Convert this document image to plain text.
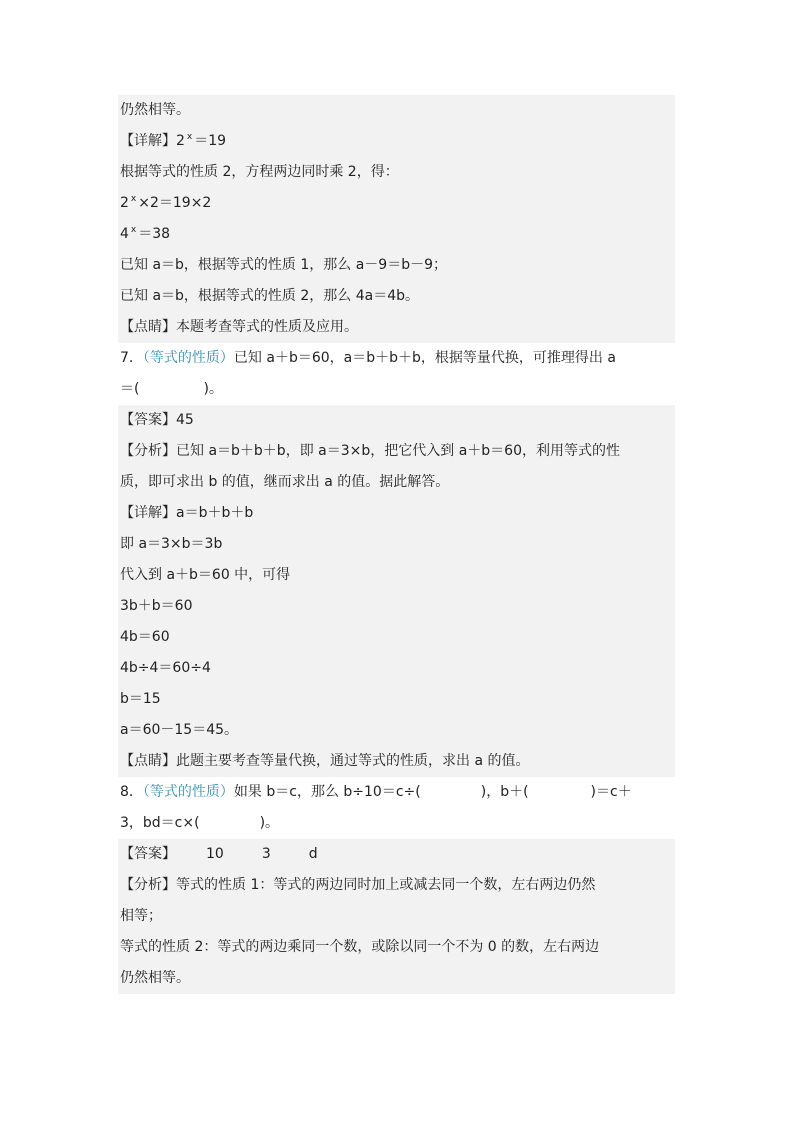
仍然相等。
【详解】2 $^x$ ＝19
根据等式的性质 2，方程两边同时乘 2，得：
2 $^x$ ×2＝19×2
4 $^x$ ＝38
已知 a＝b，根据等式的性质 1，那么 a－9＝b－9；
已知 a＝b，根据等式的性质 2，那么 4a＝4b。
【点睛】本题考查等式的性质及应用。
7．（等式的性质）已知 a＋b＝60，a＝b＋b＋b，根据等量代换，可推理得出 a
＝(	)。
【答案】45
【分析】已知 a＝b＋b＋b，即 a＝3×b，把它代入到 a＋b＝60，利用等式的性
质，即可求出 b 的值，继而求出 a 的值。据此解答。
【详解】a＝b＋b＋b
即 a＝3×b＝3b
代入到 a＋b＝60 中，可得
3b＋b＝60
4b＝60
4b÷4＝60÷4
b＝15
a＝60－15＝45。
【点睛】此题主要考查等量代换，通过等式的性质，求出 a 的值。
8．（等式的性质）如果 b＝c，那么 b÷10＝c÷(	)，b＋(	)＝c＋
3，bd＝c×(	)。
【答案】 10	3	d
【分析】等式的性质 1：等式的两边同时加上或减去同一个数，左右两边仍然
相等；
等式的性质 2：等式的两边乘同一个数，或除以同一个不为 0 的数，左右两边
仍然相等。
